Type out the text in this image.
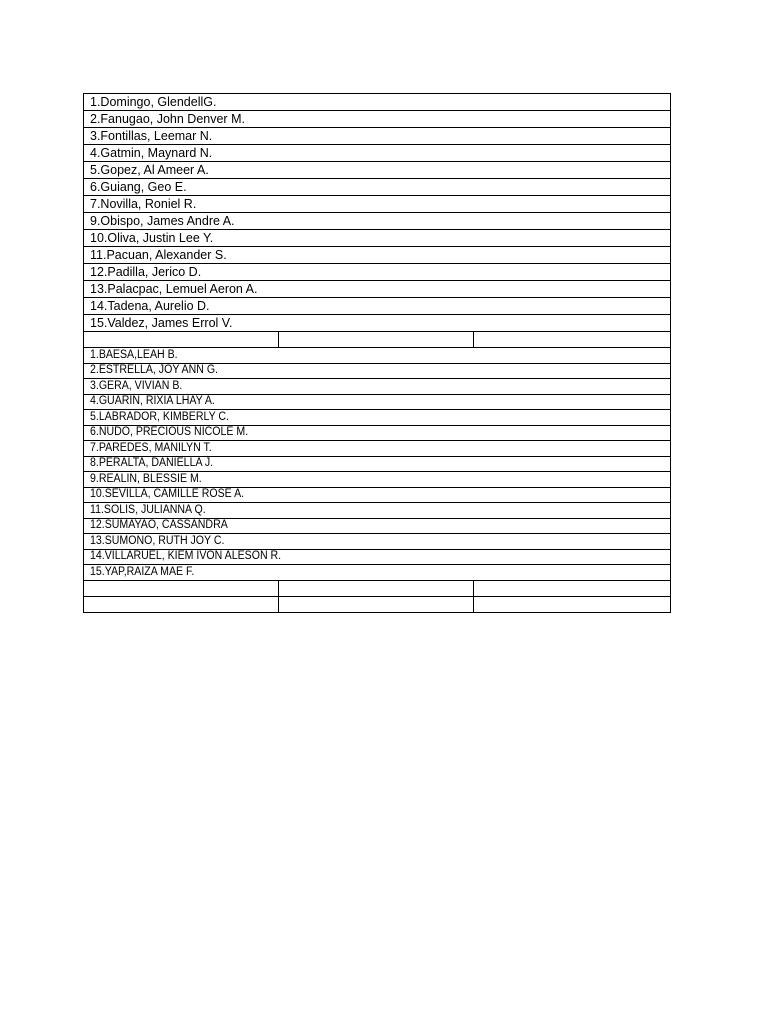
1.Domingo, GlendellG.		
2.Fanugao, John Denver M.		
3.Fontillas, Leemar N.		
4.Gatmin, Maynard N.		
5.Gopez, Al Ameer A.		
6.Guiang, Geo E.		
7.Novilla, Roniel R.		
9.Obispo, James Andre A.		
10.Oliva, Justin Lee Y.		
11.Pacuan, Alexander S.		
12.Padilla, Jerico D.		
13.Palacpac, Lemuel Aeron A.		
14.Tadena, Aurelio D.		
15.Valdez, James Errol V.		

1.BAESA,LEAH B.		
2.ESTRELLA, JOY ANN G.		
3.GERA, VIVIAN B.		
4.GUARIN, RIXIA LHAY A.		
5.LABRADOR, KIMBERLY C.		
6.NUDO, PRECIOUS NICOLE M.		
7.PAREDES, MANILYN T.		
8.PERALTA, DANIELLA J.		
9.REALIN, BLESSIE M.		
10.SEVILLA, CAMILLE ROSE A.		
11.SOLIS, JULIANNA Q.		
12.SUMAYAO, CASSANDRA		
13.SUMONO, RUTH JOY C.		
14.VILLARUEL, KIEM IVON ALESON R.		
15.YAP,RAIZA MAE F.		
